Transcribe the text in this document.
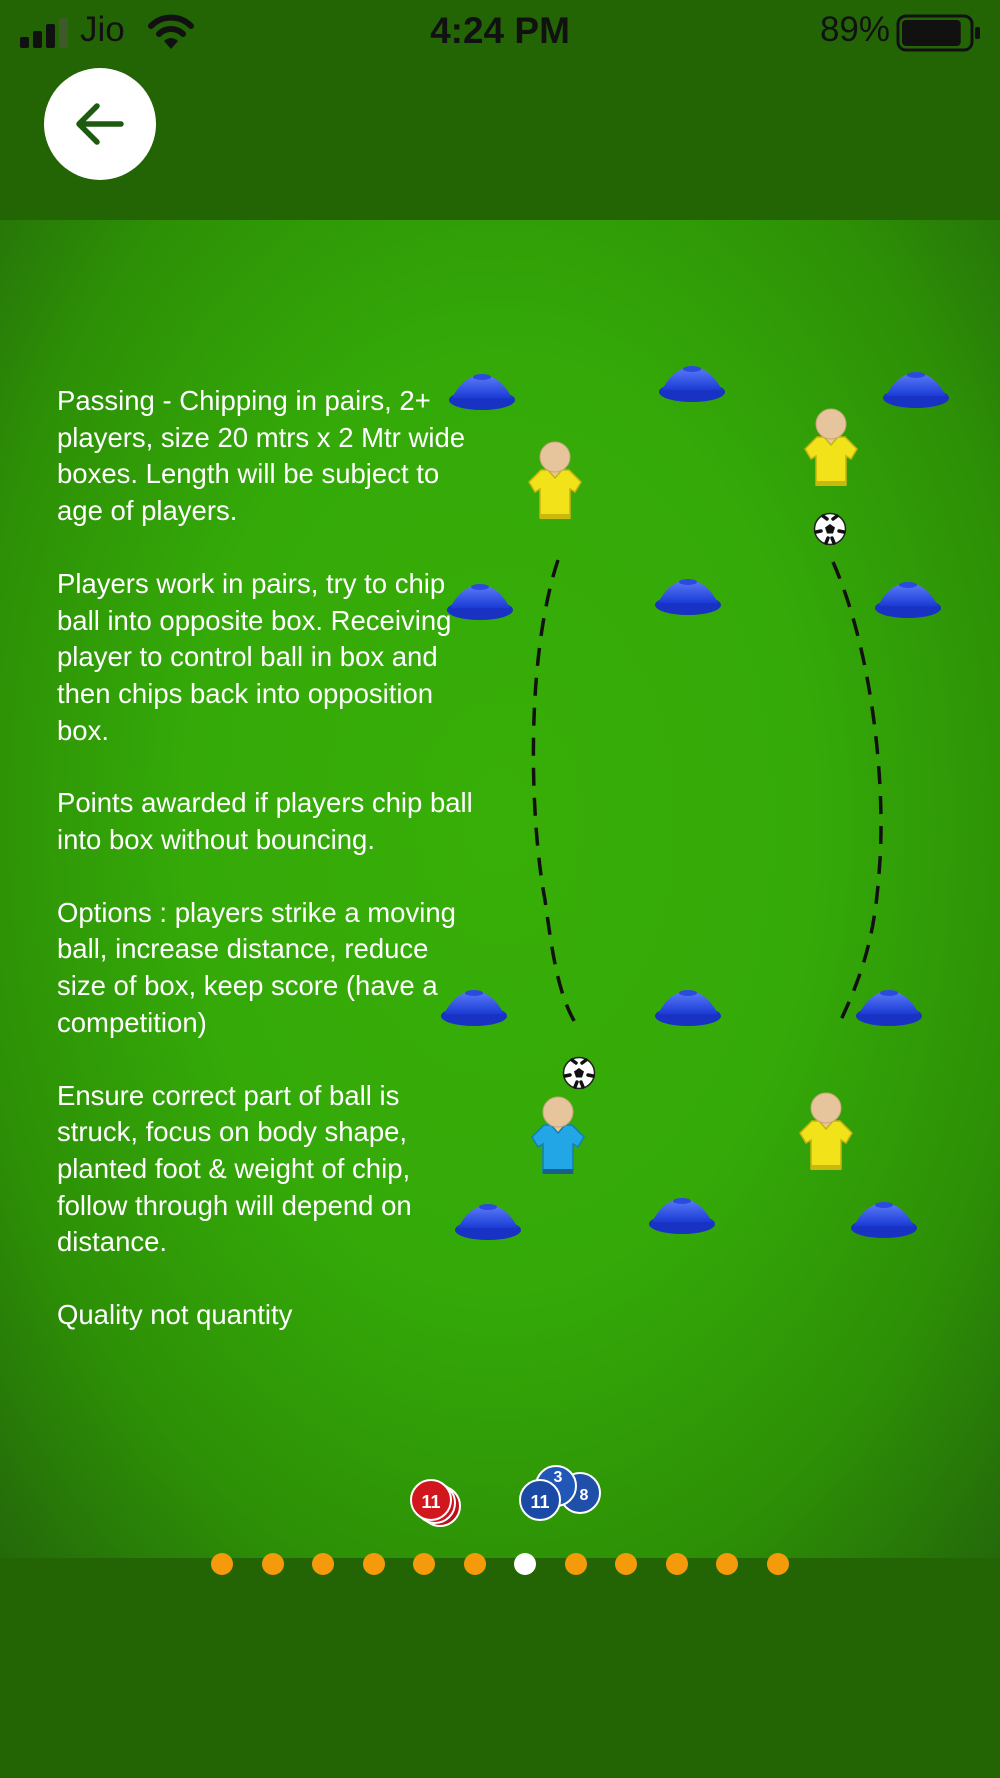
Jio	4:24 PM	89%
11	8
3
11

Passing - Chipping in pairs, 2+ players, size 20 mtrs x 2 Mtr wide boxes. Length will be subject to age of players.

Players work in pairs, try to chip ball into opposite box. Receiving player to control ball in box and then chips back into opposition box.

Points awarded if players chip ball into box without bouncing.

Options : players strike a moving ball, increase distance, reduce size of box, keep score (have a competition)

Ensure correct part of ball is struck, focus on body shape, planted foot & weight of chip, follow through will depend on distance.

Quality not quantity
